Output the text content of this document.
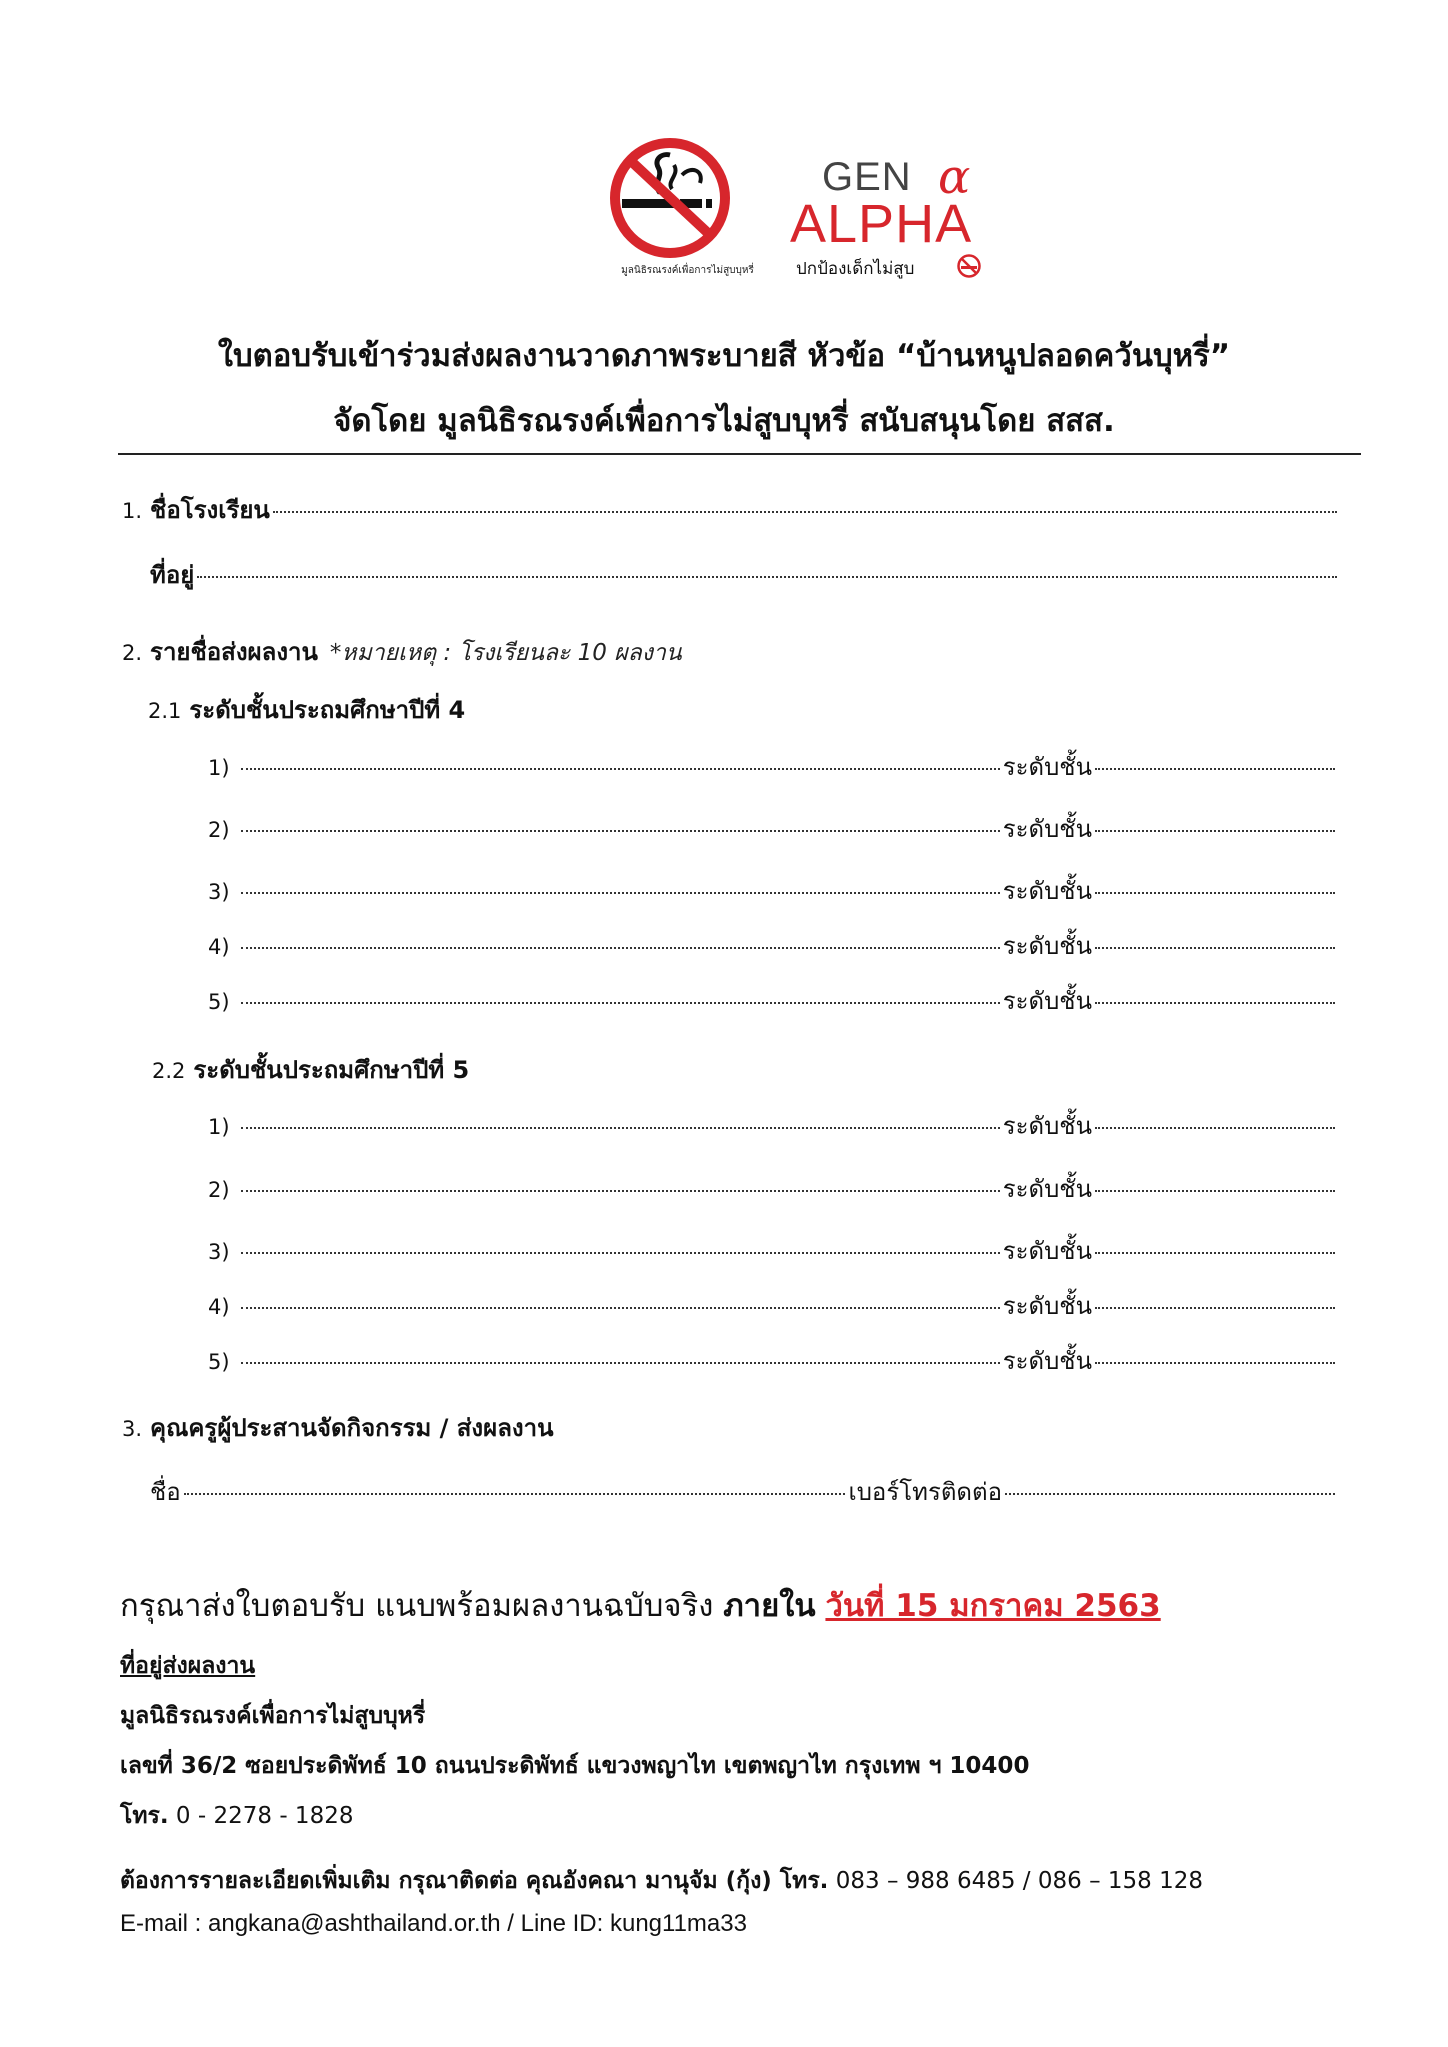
มูลนิธิรณรงค์เพื่อการไม่สูบบุหรี่
GEN α
ALPHA
ปกป้องเด็กไม่สูบ
ใบตอบรับเข้าร่วมส่งผลงานวาดภาพระบายสี หัวข้อ “บ้านหนูปลอดควันบุหรี่”
จัดโดย มูลนิธิรณรงค์เพื่อการไม่สูบบุหรี่ สนับสนุนโดย สสส.
1. ชื่อโรงเรียน
ที่อยู่
2. รายชื่อส่งผลงาน *หมายเหตุ : โรงเรียนละ 10 ผลงาน
2.1 ระดับชั้นประถมศึกษาปีที่ 4
1)	ระดับชั้น
2)	ระดับชั้น
3)	ระดับชั้น
4)	ระดับชั้น
5)	ระดับชั้น
2.2 ระดับชั้นประถมศึกษาปีที่ 5
1)	ระดับชั้น
2)	ระดับชั้น
3)	ระดับชั้น
4)	ระดับชั้น
5)	ระดับชั้น
3. คุณครูผู้ประสานจัดกิจกรรม / ส่งผลงาน
ชื่อ	เบอร์โทรติดต่อ
กรุณาส่งใบตอบรับ แนบพร้อมผลงานฉบับจริง ภายใน วันที่ 15 มกราคม 2563
ที่อยู่ส่งผลงาน
มูลนิธิรณรงค์เพื่อการไม่สูบบุหรี่
เลขที่ 36/2 ซอยประดิพัทธ์ 10 ถนนประดิพัทธ์ แขวงพญาไท เขตพญาไท กรุงเทพ ฯ 10400
โทร. 0 - 2278 - 1828
ต้องการรายละเอียดเพิ่มเติม กรุณาติดต่อ คุณอังคณา มานุจัม (กุ้ง) โทร. 083 – 988 6485 / 086 – 158 128
E-mail : angkana@ashthailand.or.th / Line ID: kung11ma33
